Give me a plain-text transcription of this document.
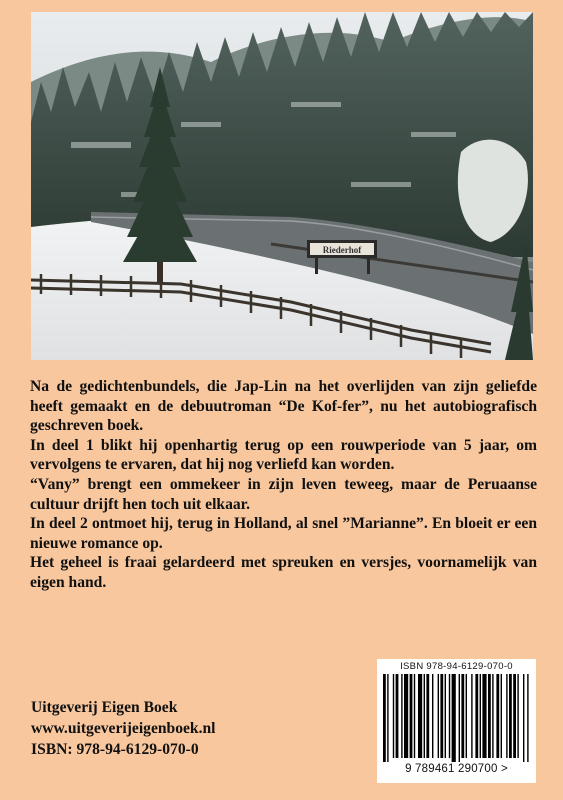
Riederhof

Na de gedichtenbundels, die Jap-Lin na het overlijden van zijn geliefde heeft gemaakt en de debuutroman “De Kof-fer”, nu het autobiografisch geschreven boek.

In deel 1 blikt hij openhartig terug op een rouwperiode van 5 jaar, om vervolgens te ervaren, dat hij nog verliefd kan worden.

“Vany” brengt een ommekeer in zijn leven teweeg, maar de Peruaanse cultuur drijft hen toch uit elkaar.

In deel 2 ontmoet hij, terug in Holland, al snel ”Marianne”. En bloeit er een nieuwe romance op.

Het geheel is fraai gelardeerd met spreuken en versjes, voornamelijk van eigen hand.

Uitgeverij Eigen Boek
www.uitgeverijeigenboek.nl
ISBN: 978-94-6129-070-0
ISBN 978-94-6129-070-0
9 789461 290700 >
